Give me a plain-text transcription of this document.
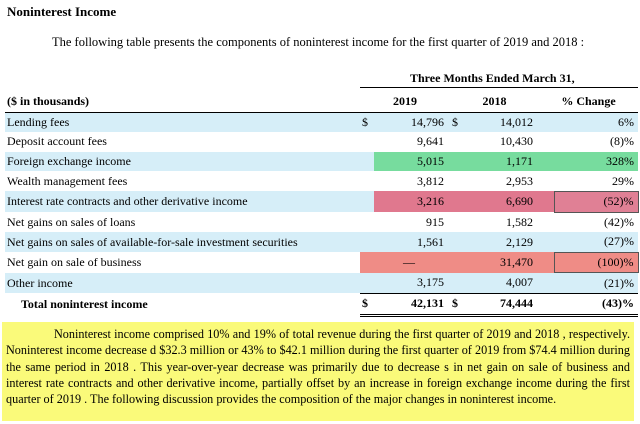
Noninterest Income
The following table presents the components of noninterest income for the first quarter of 2019 and 2018 :
Three Months Ended March 31,
($ in thousands)	2019		2018		% Change	
Lending fees	$	14,796	$	14,012		6%
Deposit account fees		9,641		10,430		(8)%
Foreign exchange income		5,015		1,171		328%
Wealth management fees		3,812		2,953		29%
Interest rate contracts and other derivative income		3,216		6,690		(52)%
Net gains on sales of loans		915		1,582		(42)%
Net gains on sales of available-for-sale investment securities		1,561		2,129		(27)%
Net gain on sale of business		—		31,470		(100)%
Other income		3,175		4,007		(21)%
Total noninterest income	$	42,131	$	74,444		(43)%
Noninterest income comprised 10% and 19% of total revenue during the first quarter of 2019 and 2018 , respectively. Noninterest income decrease d $32.3 million or 43% to $42.1 million during the first quarter of 2019 from $74.4 million during the same period in 2018 . This year-over-year decrease was primarily due to decrease s in net gain on sale of business and interest rate contracts and other derivative income, partially offset by an increase in foreign exchange income during the first quarter of 2019 . The following discussion provides the composition of the major changes in noninterest income.
